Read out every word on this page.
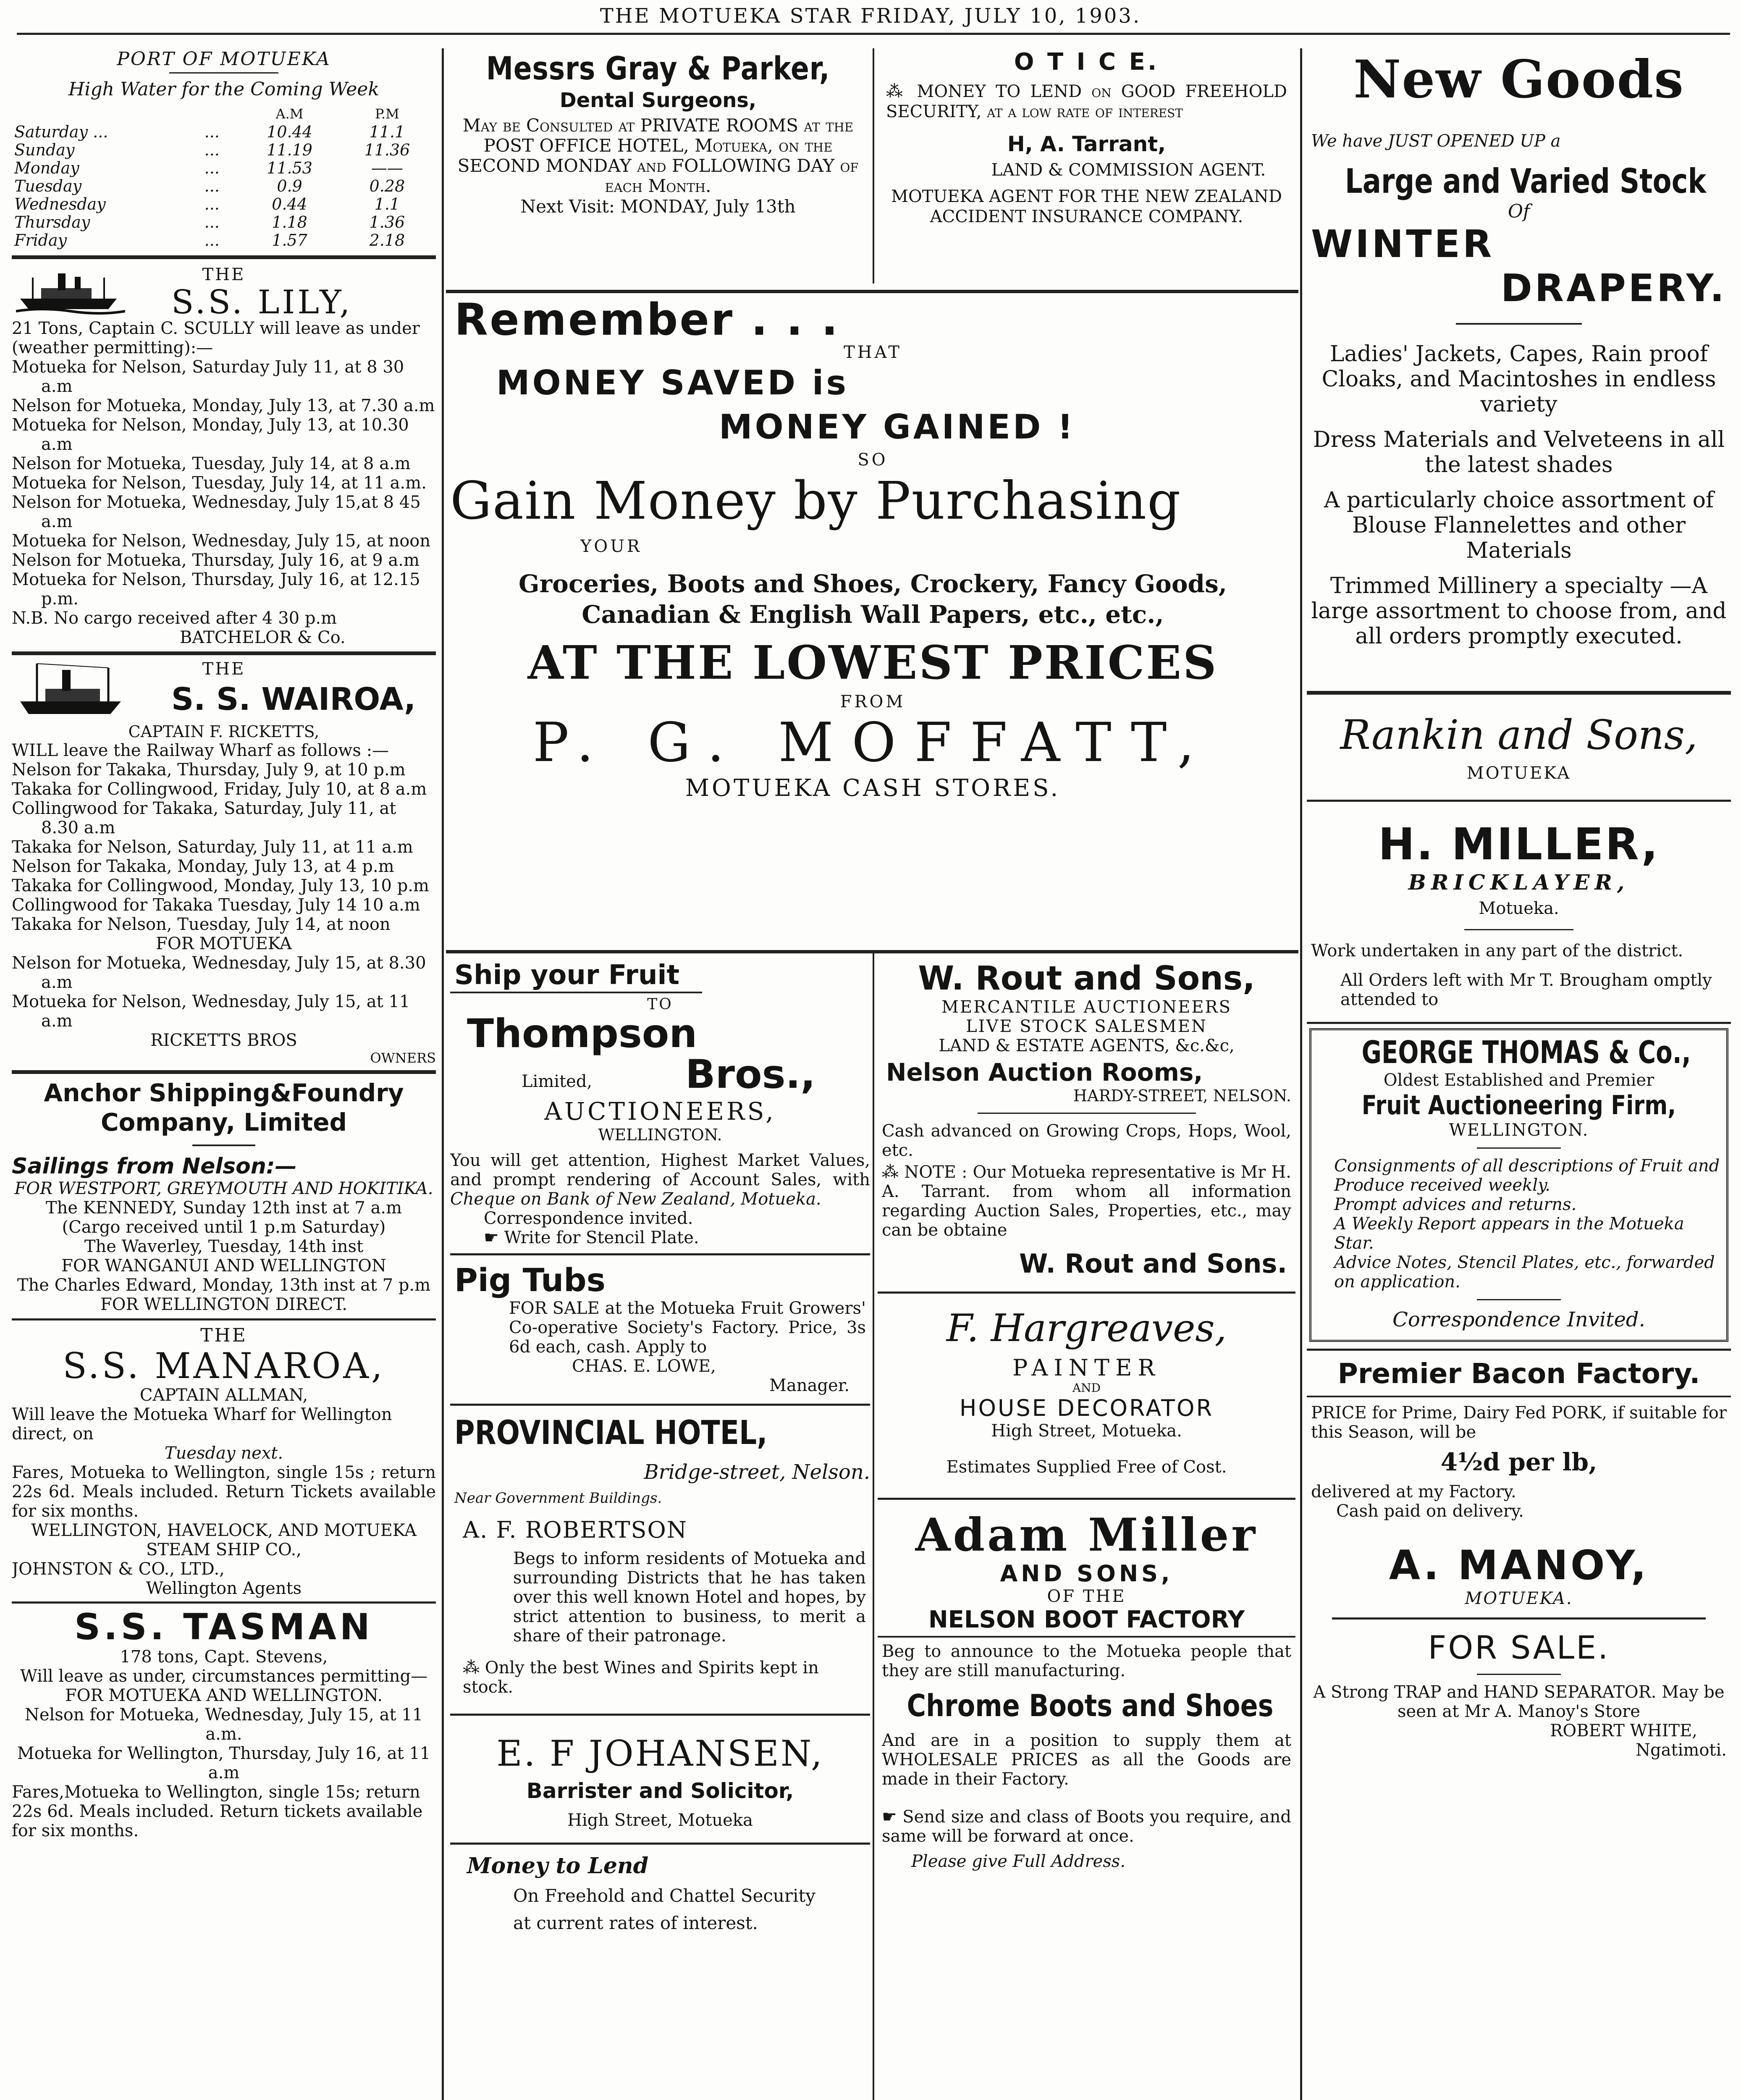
THE MOTUEKA STAR FRIDAY, JULY 10, 1903.
PORT OF MOTUEKA
High Water for the Coming Week
		A.M	P.M
Saturday ...	...	10.44	11.1
Sunday	...	11.19	11.36
Monday	...	11.53	——
Tuesday	...	0.9	0.28
Wednesday	...	0.44	1.1
Thursday	...	1.18	1.36
Friday	...	1.57	2.18
THE
S.S. LILY,
21 Tons, Captain C. SCULLY will leave as under (weather permitting):—
Motueka for Nelson, Saturday July 11, at 8 30 a.m
Nelson for Motueka, Monday, July 13, at 7.30 a.m
Motueka for Nelson, Monday, July 13, at 10.30 a.m
Nelson for Motueka, Tuesday, July 14, at 8 a.m
Motueka for Nelson, Tuesday, July 14, at 11 a.m.
Nelson for Motueka, Wednesday, July 15,at 8 45 a.m
Motueka for Nelson, Wednesday, July 15, at noon
Nelson for Motueka, Thursday, July 16, at 9 a.m
Motueka for Nelson, Thursday, July 16, at 12.15 p.m.
N.B. No cargo received after 4 30 p.m
BATCHELOR & Co.
THE
S. S. WAIROA,
CAPTAIN F. RICKETTS,
WILL leave the Railway Wharf as follows :—
Nelson for Takaka, Thursday, July 9, at 10 p.m
Takaka for Collingwood, Friday, July 10, at 8 a.m
Collingwood for Takaka, Saturday, July 11, at 8.30 a.m
Takaka for Nelson, Saturday, July 11, at 11 a.m
Nelson for Takaka, Monday, July 13, at 4 p.m
Takaka for Collingwood, Monday, July 13, 10 p.m
Collingwood for Takaka Tuesday, July 14 10 a.m
Takaka for Nelson, Tuesday, July 14, at noon
FOR MOTUEKA
Nelson for Motueka, Wednesday, July 15, at 8.30 a.m
Motueka for Nelson, Wednesday, July 15, at 11 a.m
RICKETTS BROS
OWNERS
Anchor Shipping&Foundry
Company, Limited
Sailings from Nelson:—
FOR WESTPORT, GREYMOUTH AND HOKITIKA.
The KENNEDY, Sunday 12th inst at 7 a.m
(Cargo received until 1 p.m Saturday)
The Waverley, Tuesday, 14th inst
FOR WANGANUI AND WELLINGTON
The Charles Edward, Monday, 13th inst at 7 p.m
FOR WELLINGTON DIRECT.
THE
S.S. MANAROA,
CAPTAIN ALLMAN,
Will leave the Motueka Wharf for Wellington direct, on
Tuesday next.
Fares, Motueka to Wellington, single 15s ; return 22s 6d. Meals included. Return Tickets available for six months.
WELLINGTON, HAVELOCK, AND MOTUEKA STEAM SHIP CO.,
JOHNSTON & CO., LTD.,
Wellington Agents
S.S. TASMAN
178 tons, Capt. Stevens,
Will leave as under, circumstances permitting—
FOR MOTUEKA AND WELLINGTON.
Nelson for Motueka, Wednesday, July 15, at 11 a.m.
Motueka for Wellington, Thursday, July 16, at 11 a.m
Fares,Motueka to Wellington, single 15s; return 22s 6d. Meals included. Return tickets available for six months.
Messrs Gray & Parker,
Dental Surgeons,
May be Consulted at PRIVATE ROOMS at the POST OFFICE HOTEL, Motueka, on the SECOND MONDAY and FOLLOWING DAY of each Month.
Next Visit: MONDAY, July 13th
O T I C E.
⁂ MONEY TO LEND on GOOD FREEHOLD SECURITY, at a low rate of interest
H, A. Tarrant,
LAND & COMMISSION AGENT.
MOTUEKA AGENT FOR THE NEW ZEALAND ACCIDENT INSURANCE COMPANY.
Remember . . .
THAT
MONEY SAVED is
MONEY GAINED !
SO
Gain Money by Purchasing
YOUR
Groceries, Boots and Shoes, Crockery, Fancy Goods,
Canadian & English Wall Papers, etc., etc.,
AT THE LOWEST PRICES
FROM
P. G. MOFFATT,
MOTUEKA CASH STORES.
Ship your Fruit
TO
Thompson
Limited, Bros.,
AUCTIONEERS,
WELLINGTON.
You will get attention, Highest Market Values, and prompt rendering of Account Sales, with Cheque on Bank of New Zealand, Motueka.
Correspondence invited.
☛ Write for Stencil Plate.
Pig Tubs
FOR SALE at the Motueka Fruit Growers' Co-operative Society's Factory. Price, 3s 6d each, cash. Apply to
CHAS. E. LOWE,
Manager.
PROVINCIAL HOTEL,
Bridge-street, Nelson.
Near Government Buildings.
A. F. ROBERTSON
Begs to inform residents of Motueka and surrounding Districts that he has taken over this well known Hotel and hopes, by strict attention to business, to merit a share of their patronage.
⁂ Only the best Wines and Spirits kept in stock.
E. F JOHANSEN,
Barrister and Solicitor,
High Street, Motueka
Money to Lend
On Freehold and Chattel Security
at current rates of interest.
W. Rout and Sons,
MERCANTILE AUCTIONEERS
LIVE STOCK SALESMEN
LAND & ESTATE AGENTS, &c.&c,
Nelson Auction Rooms,
HARDY-STREET, NELSON.
Cash advanced on Growing Crops, Hops, Wool, etc.
⁂ NOTE : Our Motueka representative is Mr H. A. Tarrant. from whom all information regarding Auction Sales, Properties, etc., may can be obtaine
W. Rout and Sons.
F. Hargreaves,
PAINTER
AND
HOUSE DECORATOR
High Street, Motueka.
Estimates Supplied Free of Cost.
Adam Miller
AND SONS,
OF THE
NELSON BOOT FACTORY
Beg to announce to the Motueka people that they are still manufacturing.
Chrome Boots and Shoes
And are in a position to supply them at WHOLESALE PRICES as all the Goods are made in their Factory.
☛ Send size and class of Boots you require, and same will be forward at once.
Please give Full Address.
New Goods
We have JUST OPENED UP a
Large and Varied Stock
Of
WINTER
DRAPERY.
Ladies' Jackets, Capes, Rain proof Cloaks, and Macintoshes in endless variety
Dress Materials and Velveteens in all the latest shades
A particularly choice assortment of Blouse Flannelettes and other Materials
Trimmed Millinery a specialty —A large assortment to choose from, and all orders promptly executed.
Rankin and Sons,
MOTUEKA
H. MILLER,
BRICKLAYER,
Motueka.
Work undertaken in any part of the district.
All Orders left with Mr T. Brougham omptly attended to
GEORGE THOMAS & Co.,
Oldest Established and Premier
Fruit Auctioneering Firm,
WELLINGTON.
Consignments of all descriptions of Fruit and Produce received weekly.
Prompt advices and returns.
A Weekly Report appears in the Motueka Star.
Advice Notes, Stencil Plates, etc., forwarded on application.
Correspondence Invited.
Premier Bacon Factory.
PRICE for Prime, Dairy Fed PORK, if suitable for this Season, will be
4½d per lb,
delivered at my Factory.
Cash paid on delivery.
A. MANOY,
MOTUEKA.
FOR SALE.
A Strong TRAP and HAND SEPARATOR. May be seen at Mr A. Manoy's Store
ROBERT WHITE,
Ngatimoti.
